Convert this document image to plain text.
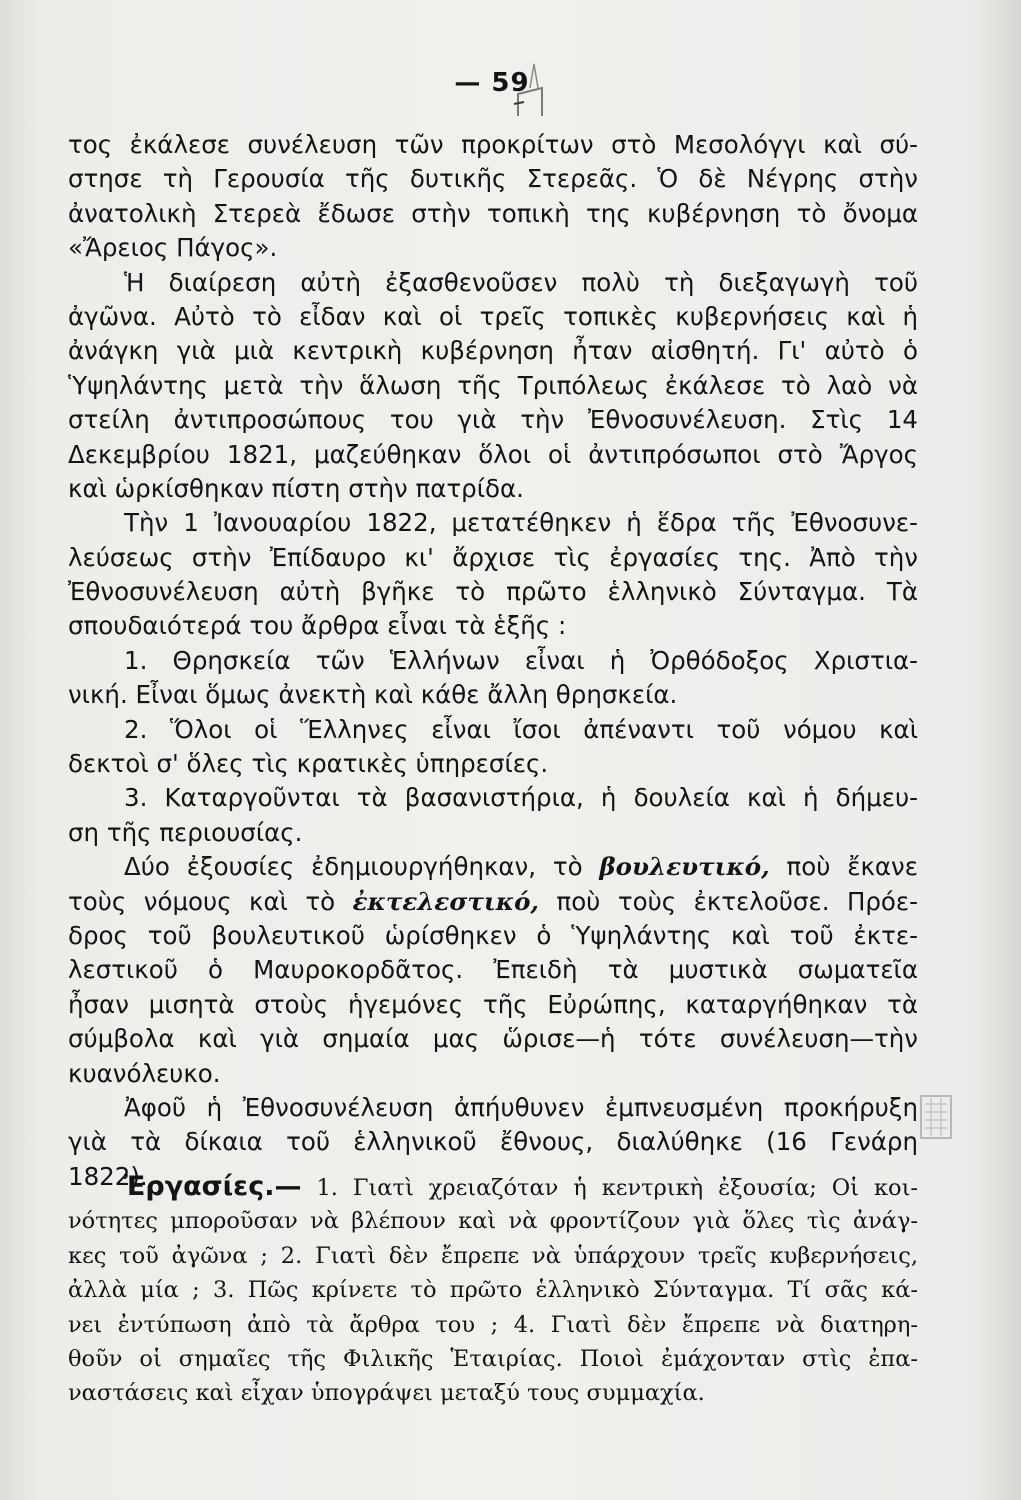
— 59
τος ἐκάλεσε συνέλευση τῶν προκρίτων στὸ Μεσολόγγι καὶ σύ-
στησε τὴ Γερουσία τῆς δυτικῆς Στερεᾶς. Ὁ δὲ Νέγρης στὴν
ἀνατολικὴ Στερεὰ ἔδωσε στὴν τοπικὴ της κυβέρνηση τὸ ὄνομα
«Ἄρειος Πάγος».
Ἡ διαίρεση αὐτὴ ἐξασθενοῦσεν πολὺ τὴ διεξαγωγὴ τοῦ
ἀγῶνα. Αὐτὸ τὸ εἶδαν καὶ οἱ τρεῖς τοπικὲς κυβερνήσεις καὶ ἡ
ἀνάγκη γιὰ μιὰ κεντρικὴ κυβέρνηση ἦταν αἰσθητή. Γι' αὐτὸ ὁ
Ὑψηλάντης μετὰ τὴν ἅλωση τῆς Τριπόλεως ἐκάλεσε τὸ λαὸ νὰ
στείλη ἀντιπροσώπους του γιὰ τὴν Ἐθνοσυνέλευση. Στὶς 14
Δεκεμβρίου 1821, μαζεύθηκαν ὅλοι οἱ ἀντιπρόσωποι στὸ Ἄργος
καὶ ὡρκίσθηκαν πίστη στὴν πατρίδα.
Τὴν 1 Ἰανουαρίου 1822, μετατέθηκεν ἡ ἕδρα τῆς Ἐθνοσυνε-
λεύσεως στὴν Ἐπίδαυρο κι' ἄρχισε τὶς ἐργασίες της. Ἀπὸ τὴν
Ἐθνοσυνέλευση αὐτὴ βγῆκε τὸ πρῶτο ἑλληνικὸ Σύνταγμα. Τὰ
σπουδαιότερά του ἄρθρα εἶναι τὰ ἑξῆς :
1. Θρησκεία τῶν Ἑλλήνων εἶναι ἡ Ὀρθόδοξος Χριστια-
νική. Εἶναι ὅμως ἀνεκτὴ καὶ κάθε ἄλλη θρησκεία.
2. Ὅλοι οἱ Ἕλληνες εἶναι ἴσοι ἀπέναντι τοῦ νόμου καὶ
δεκτοὶ σ' ὅλες τὶς κρατικὲς ὑπηρεσίες.
3. Καταργοῦνται τὰ βασανιστήρια, ἡ δουλεία καὶ ἡ δήμευ-
ση τῆς περιουσίας.
Δύο ἐξουσίες ἐδημιουργήθηκαν, τὸ βουλευτικό, ποὺ ἔκανε
τοὺς νόμους καὶ τὸ ἐκτελεστικό, ποὺ τοὺς ἐκτελοῦσε. Πρόε-
δρος τοῦ βουλευτικοῦ ὡρίσθηκεν ὁ Ὑψηλάντης καὶ τοῦ ἐκτε-
λεστικοῦ ὁ Μαυροκορδᾶτος. Ἐπειδὴ τὰ μυστικὰ σωματεῖα
ἦσαν μισητὰ στοὺς ἡγεμόνες τῆς Εὐρώπης, καταργήθηκαν τὰ
σύμβολα καὶ γιὰ σημαία μας ὥρισε—ἡ τότε συνέλευση—τὴν
κυανόλευκο.
Ἀφοῦ ἡ Ἐθνοσυνέλευση ἀπήυθυνεν ἐμπνευσμένη προκήρυξη
γιὰ τὰ δίκαια τοῦ ἑλληνικοῦ ἔθνους, διαλύθηκε (16 Γενάρη
1822).
Ἐργασίες.— 1. Γιατὶ χρειαζόταν ἡ κεντρικὴ ἐξουσία; Οἱ κοι-
νότητες μποροῦσαν νὰ βλέπουν καὶ νὰ φροντίζουν γιὰ ὅλες τὶς ἀνάγ-
κες τοῦ ἀγῶνα ; 2. Γιατὶ δὲν ἔπρεπε νὰ ὑπάρχουν τρεῖς κυβερνήσεις,
ἀλλὰ μία ; 3. Πῶς κρίνετε τὸ πρῶτο ἑλληνικὸ Σύνταγμα. Τί σᾶς κά-
νει ἐντύπωση ἀπὸ τὰ ἄρθρα του ; 4. Γιατὶ δὲν ἔπρεπε νὰ διατηρη-
θοῦν οἱ σημαῖες τῆς Φιλικῆς Ἑταιρίας. Ποιοὶ ἐμάχονταν στὶς ἐπα-
ναστάσεις καὶ εἶχαν ὑπογράψει μεταξύ τους συμμαχία.
